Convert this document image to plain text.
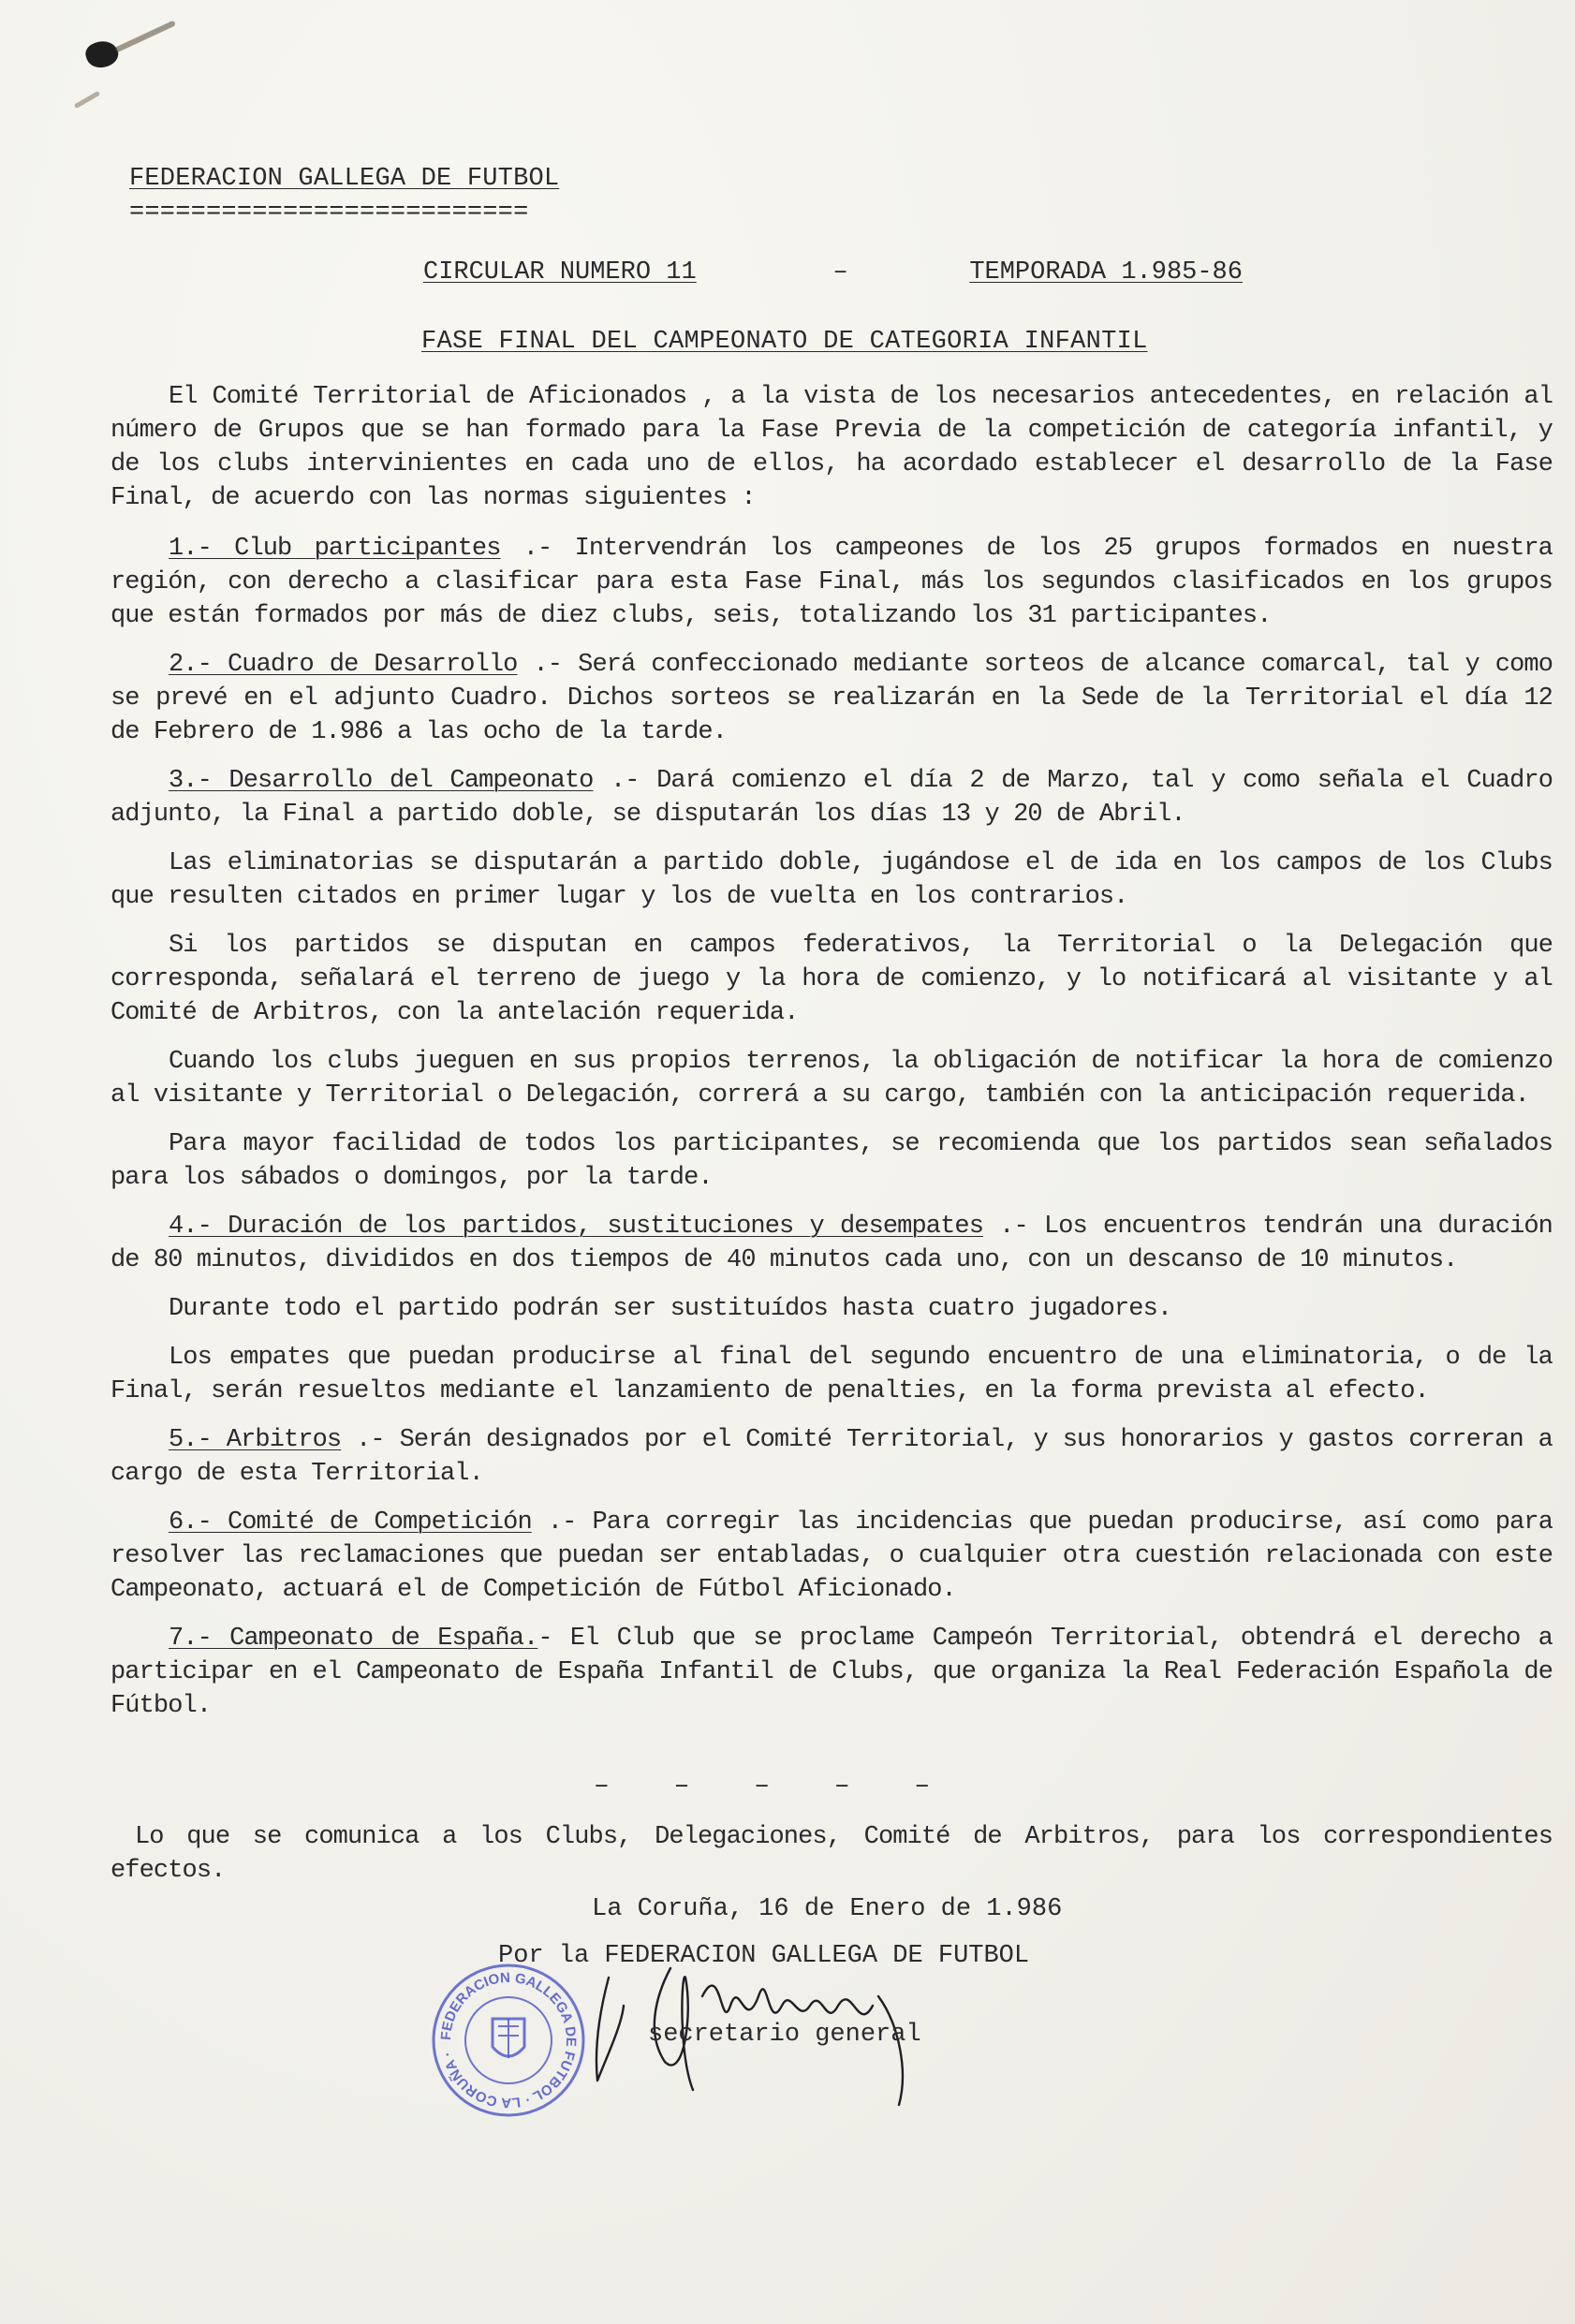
FEDERACION GALLEGA DE FUTBOL
==========================
CIRCULAR NUMERO 11	–	TEMPORADA 1.985-86
FASE FINAL DEL CAMPEONATO DE CATEGORIA INFANTIL

El Comité Territorial de Aficionados , a la vista de los necesarios antecedentes, en relación al número de Grupos que se han formado para la Fase Previa de la competición de categoría infantil, y de los clubs intervinientes en cada uno de ellos, ha acordado establecer el desarrollo de la Fase Final, de acuerdo con las normas siguientes :

1.- Club participantes .- Intervendrán los campeones de los 25 grupos formados en nuestra región, con derecho a clasificar para esta Fase Final, más los segundos clasificados en los grupos que están formados por más de diez clubs, seis, totalizando los 31 participantes.

2.- Cuadro de Desarrollo .- Será confeccionado mediante sorteos de alcance comarcal, tal y como se prevé en el adjunto Cuadro. Dichos sorteos se realizarán en la Sede de la Territorial el día 12 de Febrero de 1.986 a las ocho de la tarde.

3.- Desarrollo del Campeonato .- Dará comienzo el día 2 de Marzo, tal y como señala el Cuadro adjunto, la Final a partido doble, se disputarán los días 13 y 20 de Abril.

Las eliminatorias se disputarán a partido doble, jugándose el de ida en los campos de los Clubs que resulten citados en primer lugar y los de vuelta en los contrarios.

Si los partidos se disputan en campos federativos, la Territorial o la Delegación que corresponda, señalará el terreno de juego y la hora de comienzo, y lo notificará al visitante y al Comité de Arbitros, con la antelación requerida.

Cuando los clubs jueguen en sus propios terrenos, la obligación de notificar la hora de comienzo al visitante y Territorial o Delegación, correrá a su cargo, también con la anticipación requerida.

Para mayor facilidad de todos los participantes, se recomienda que los partidos sean señalados para los sábados o domingos, por la tarde.

4.- Duración de los partidos, sustituciones y desempates .- Los encuentros tendrán una duración de 80 minutos, divididos en dos tiempos de 40 minutos cada uno, con un descanso de 10 minutos.

Durante todo el partido podrán ser sustituídos hasta cuatro jugadores.

Los empates que puedan producirse al final del segundo encuentro de una eliminatoria, o de la Final, serán resueltos mediante el lanzamiento de penalties, en la forma prevista al efecto.

5.- Arbitros .- Serán designados por el Comité Territorial, y sus honorarios y gastos correran a cargo de esta Territorial.

6.- Comité de Competición .- Para corregir las incidencias que puedan producirse, así como para resolver las reclamaciones que puedan ser entabladas, o cualquier otra cuestión relacionada con este Campeonato, actuará el de Competición de Fútbol Aficionado.

7.- Campeonato de España.- El Club que se proclame Campeón Territorial, obtendrá el derecho a participar en el Campeonato de España Infantil de Clubs, que organiza la Real Federación Española de Fútbol.

– – – – –

Lo que se comunica a los Clubs, Delegaciones, Comité de Arbitros, para los correspondientes efectos.

La Coruña, 16 de Enero de 1.986
Por la FEDERACION GALLEGA DE FUTBOL
FEDERACION GALLEGA DE FUTBOL · LA CORUÑA ·
secretario general
